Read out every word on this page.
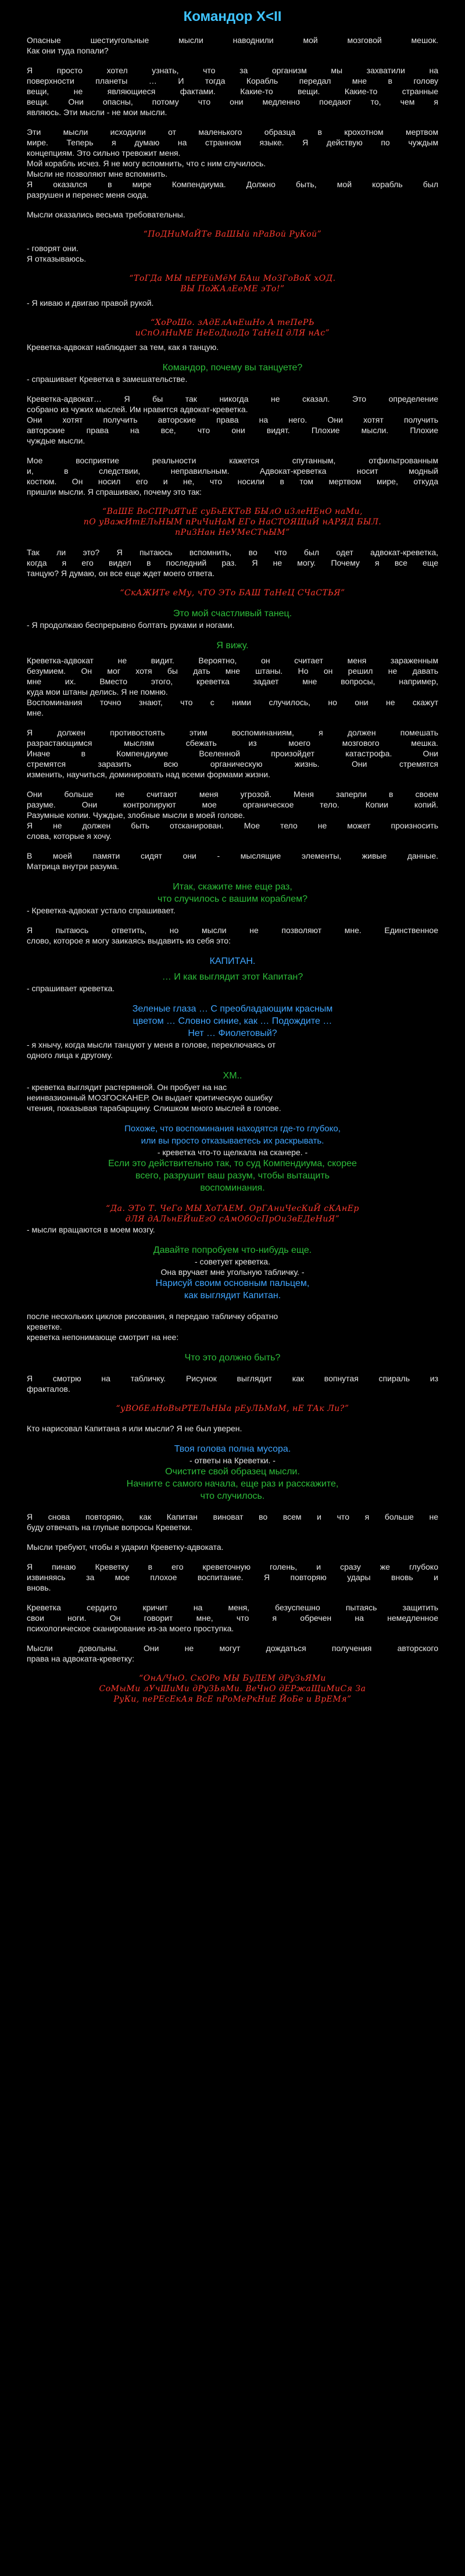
Командор Х<II
Опасные шестиугольные мысли наводнили мой мозговой мешок.
Как они туда попали?
Я просто хотел узнать, что за организм мы захватили на
поверхности планеты … И тогда Корабль передал мне в голову
вещи, не являющиеся фактами. Какие-то вещи. Какие-то странные
вещи. Они опасны, потому что они медленно поедают то, чем я
являюсь. Эти мысли - не мои мысли.
Эти мысли исходили от маленького образца в крохотном мертвом
мире. Теперь я думаю на странном языке. Я действую по чуждым
концепциям. Это сильно тревожит меня.
Мой корабль исчез. Я не могу вспомнить, что с ним случилось.
Мысли не позволяют мне вспомнить.
Я оказался в мире Компендиума. Должно быть, мой корабль был
разрушен и перенес меня сюда.
Мысли оказались весьма требовательны.
“ПоДНиМаЙТе ВаШЫй пРаВой РуКой”
- говорят они.
Я отказываюсь.
“ТоГДа МЫ пЕРЕйМёМ БАш МоЗГоВоК хОД.
ВЫ ПоЖАлЕеМЕ эТо!”
- Я киваю и двигаю правой рукой.
“ХоРоШо. зАдЕлАнЕшНо А теПеРЬ
иСпОлНиМЕ НеЕоДиоДо ТаНеЦ дЛЯ нАс”
Креветка-адвокат наблюдает за тем, как я танцую.
Командор, почему вы танцуете?
- спрашивает Креветка в замешательстве.
Креветка-адвокат… Я бы так никогда не сказал. Это определение
собрано из чужих мыслей. Им нравится адвокат-креветка.
Они хотят получить авторские права на него. Они хотят получить
авторские права на все, что они видят. Плохие мысли. Плохие
чуждые мысли.
Мое восприятие реальности кажется спутанным, отфильтрованным
и, в следствии, неправильным. Адвокат-креветка носит модный
костюм. Он носил его и не, что носили в том мертвом мире, откуда
пришли мысли. Я спрашиваю, почему это так:
“ВаШЕ ВоСПРиЯТиЕ суБьЕКТоВ БЫлО иЗлеНЕнО наМи,
пО уВажИтЕЛьНЫМ пРиЧиНаМ ЕГо НаСТОЯЩиЙ нАРЯД БЫЛ.
пРиЗНан НеУМеСТнЫМ”
Так ли это? Я пытаюсь вспомнить, во что был одет адвокат-креветка,
когда я его видел в последний раз. Я не могу. Почему я все еще
танцую? Я думаю, он все еще ждет моего ответа.
“СкАЖИТе еМу, чТО ЭТо БАШ ТаНеЦ СЧаСТЬЯ”
Это мой счастливый танец.
- Я продолжаю беспрерывно болтать руками и ногами.
Я вижу.
Креветка-адвокат не видит. Вероятно, он считает меня зараженным
безумием. Он мог хотя бы дать мне штаны. Но он решил не давать
мне их. Вместо этого, креветка задает мне вопросы, например,
куда мои штаны делись. Я не помню.
Воспоминания точно знают, что с ними случилось, но они не скажут
мне.
Я должен противостоять этим воспоминаниям, я должен помешать
разрастающимся мыслям сбежать из моего мозгового мешка.
Иначе в Компендиуме Вселенной произойдет катастрофа. Они
стремятся заразить всю органическую жизнь. Они стремятся
изменить, научиться, доминировать над всеми формами жизни.
Они больше не считают меня угрозой. Меня заперли в своем
разуме. Они контролируют мое органическое тело. Копии копий.
Разумные копии. Чуждые, злобные мысли в моей голове.
Я не должен быть отсканирован. Мое тело не может произносить
слова, которые я хочу.
В моей памяти сидят они - мыслящие элементы, живые данные.
Матрица внутри разума.
Итак, скажите мне еще раз,
что случилось с вашим кораблем?
- Креветка-адвокат устало спрашивает.
Я пытаюсь ответить, но мысли не позволяют мне. Единственное
слово, которое я могу заикаясь выдавить из себя это:
КАПИТАН.
… И как выглядит этот Капитан?
- спрашивает креветка.
Зеленые глаза … С преобладающим красным
цветом … Словно синие, как … Подождите …
Нет … Фиолетовый?
- я хнычу, когда мысли танцуют у меня в голове, переключаясь от
одного лица к другому.
ХМ..
- креветка выглядит растерянной. Он пробует на нас
неинвазионный МОЗГОСКАНЕР. Он выдает критическую ошибку
чтения, показывая тарабарщину. Слишком много мыслей в голове.
Похоже, что воспоминания находятся где-то глубоко,
или вы просто отказываетесь их раскрывать.
- креветка что-то щелкала на сканере. -
Если это действительно так, то суд Компендиума, скорее
всего, разрушит ваш разум, чтобы вытащить
воспоминания.
“Да. ЭТо Т. ЧеГо МЫ ХоТАЕМ. ОрГАниЧесКиЙ сКАнЕр
дЛЯ дАЛьнЕЙшЕгО сАмОбОсПрОиЗвЕДеНиЯ”
- мысли вращаются в моем мозгу.
Давайте попробуем что-нибудь еще.
- советует креветка.
Она вручает мне угольную табличку. -
Нарисуй своим основным пальцем,
как выглядит Капитан.
после нескольких циклов рисования, я передаю табличку обратно
креветке.
креветка непонимающе смотрит на нее:
Что это должно быть?
Я смотрю на табличку. Рисунок выглядит как вопнутая спираль из
фракталов.
“уВОбЕлНоВыРТЕЛьНЫа рЕуЛЬМаМ, нЕ ТАк Ли?”
Кто нарисовал Капитана я или мысли? Я не был уверен.
Твоя голова полна мусора.
- ответы на Креветки. -
Очистите свой образец мысли.
Начните с самого начала, еще раз и расскажите,
что случилось.
Я снова повторяю, как Капитан виноват во всем и что я больше не
буду отвечать на глупые вопросы Креветки.
Мысли требуют, чтобы я ударил Креветку-адвоката.
Я пинаю Креветку в его креветочную голень, и сразу же глубоко
извиняясь за мое плохое воспитание. Я повторяю удары вновь и
вновь.
Креветка сердито кричит на меня, безуспешно пытаясь защитить
свои ноги. Он говорит мне, что я обречен на немедленное
психологическое сканирование из-за моего проступка.
Мысли довольны. Они не могут дождаться получения авторского
права на адвоката-креветку:
“ОнА/ЧнО. СкОРо МЫ БуДЕМ дРуЗьЯМи
СоМыМи лУчШиМи дРуЗЬяМи. ВеЧнО дЕРжаЩиМиСя За
РуКи, пеРЕсЕкАя ВсЕ пРоМеРкНиЕ ЙоБе и ВрЕМя”
